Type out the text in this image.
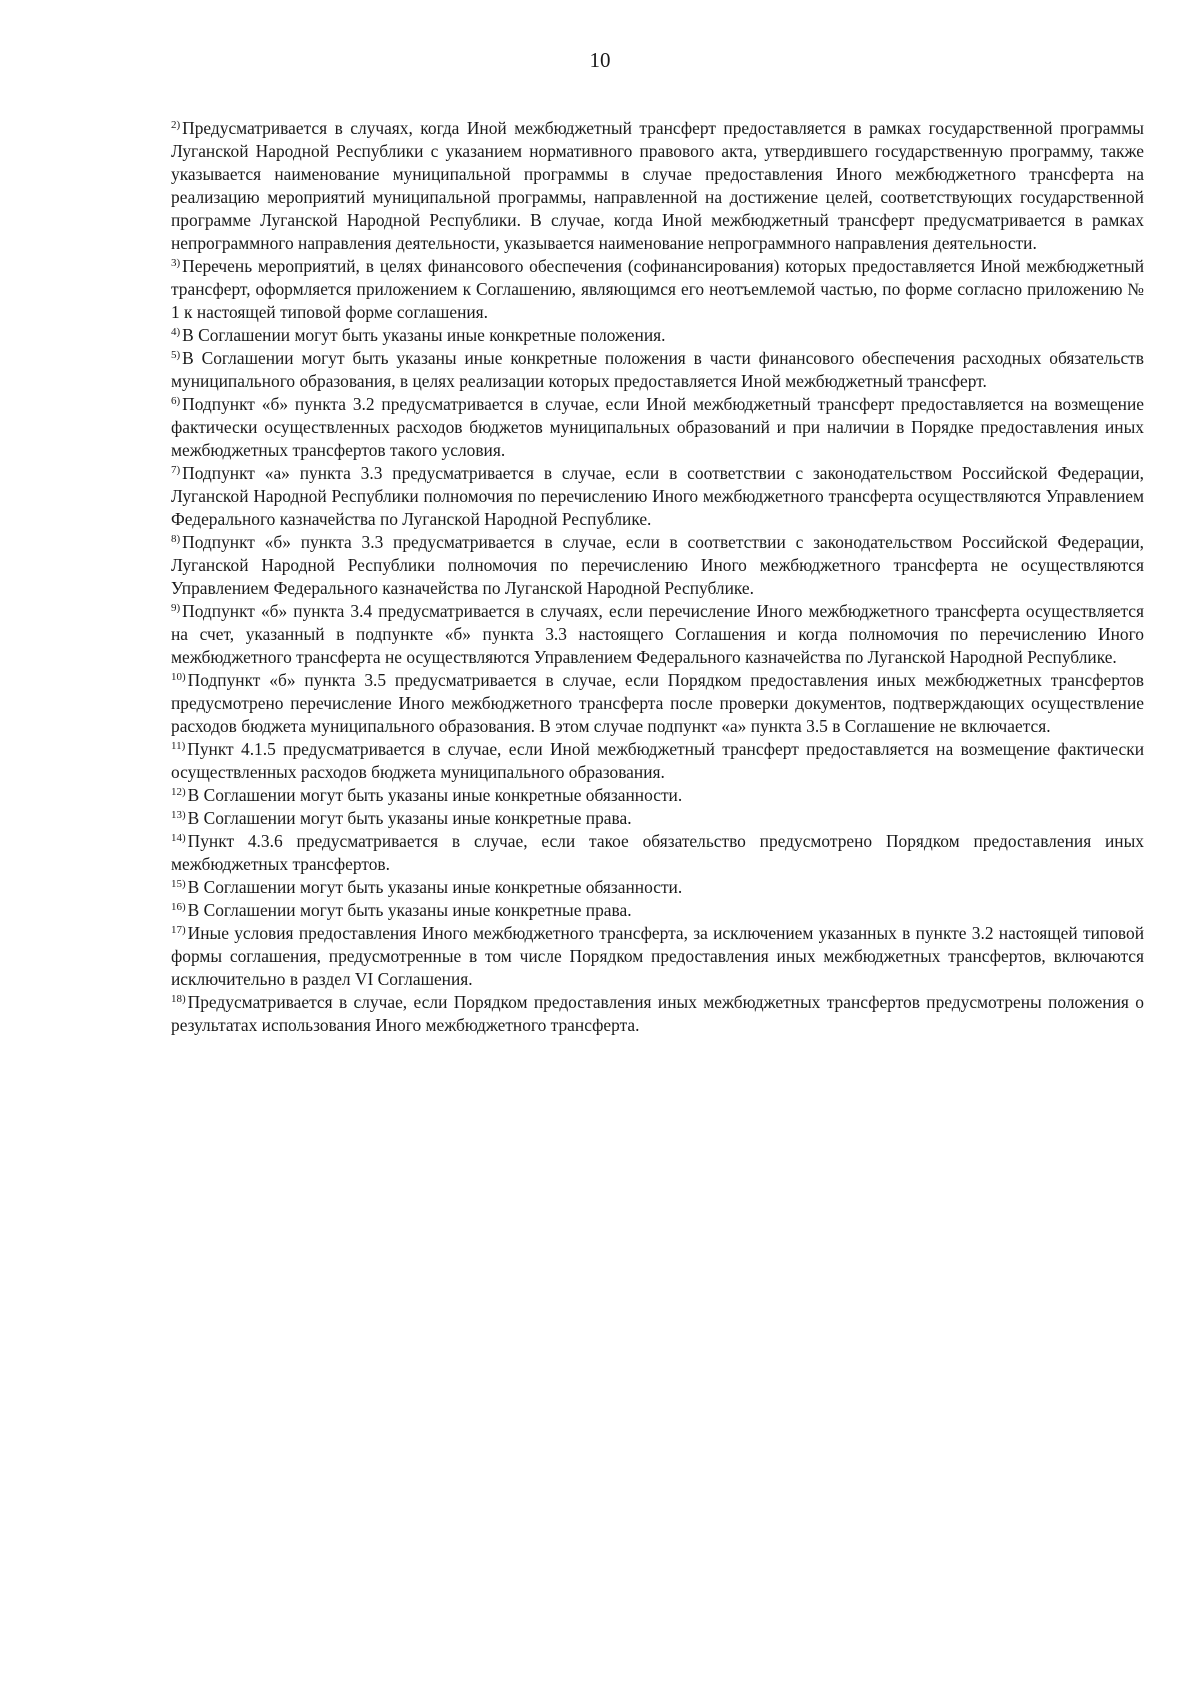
10

$^{2)}$ Предусматривается в случаях, когда Иной межбюджетный трансферт предоставляется в рамках государственной программы Луганской Народной Республики с указанием нормативного правового акта, утвердившего государственную программу, также указывается наименование муниципальной программы в случае предоставления Иного межбюджетного трансферта на реализацию мероприятий муниципальной программы, направленной на достижение целей, соответствующих государственной программе Луганской Народной Республики. В случае, когда Иной межбюджетный трансферт предусматривается в рамках непрограммного направления деятельности, указывается наименование непрограммного направления деятельности.

$^{3)}$ Перечень мероприятий, в целях финансового обеспечения (софинансирования) которых предоставляется Иной межбюджетный трансферт, оформляется приложением к Соглашению, являющимся его неотъемлемой частью, по форме согласно приложению № 1 к настоящей типовой форме соглашения.

$^{4)}$ В Соглашении могут быть указаны иные конкретные положения.

$^{5)}$ В Соглашении могут быть указаны иные конкретные положения в части финансового обеспечения расходных обязательств муниципального образования, в целях реализации которых предоставляется Иной межбюджетный трансферт.

$^{6)}$ Подпункт «б» пункта 3.2 предусматривается в случае, если Иной межбюджетный трансферт предоставляется на возмещение фактически осуществленных расходов бюджетов муниципальных образований и при наличии в Порядке предоставления иных межбюджетных трансфертов такого условия.

$^{7)}$ Подпункт «а» пункта 3.3 предусматривается в случае, если в соответствии с законодательством Российской Федерации, Луганской Народной Республики полномочия по перечислению Иного межбюджетного трансферта осуществляются Управлением Федерального казначейства по Луганской Народной Республике.

$^{8)}$ Подпункт «б» пункта 3.3 предусматривается в случае, если в соответствии с законодательством Российской Федерации, Луганской Народной Республики полномочия по перечислению Иного межбюджетного трансферта не осуществляются Управлением Федерального казначейства по Луганской Народной Республике.

$^{9)}$ Подпункт «б» пункта 3.4 предусматривается в случаях, если перечисление Иного межбюджетного трансферта осуществляется на счет, указанный в подпункте «б» пункта 3.3 настоящего Соглашения и когда полномочия по перечислению Иного межбюджетного трансферта не осуществляются Управлением Федерального казначейства по Луганской Народной Республике.

$^{10)}$ Подпункт «б» пункта 3.5 предусматривается в случае, если Порядком предоставления иных межбюджетных трансфертов предусмотрено перечисление Иного межбюджетного трансферта после проверки документов, подтверждающих осуществление расходов бюджета муниципального образования. В этом случае подпункт «а» пункта 3.5 в Соглашение не включается.

$^{11)}$ Пункт 4.1.5 предусматривается в случае, если Иной межбюджетный трансферт предоставляется на возмещение фактически осуществленных расходов бюджета муниципального образования.

$^{12)}$ В Соглашении могут быть указаны иные конкретные обязанности.

$^{13)}$ В Соглашении могут быть указаны иные конкретные права.

$^{14)}$ Пункт 4.3.6 предусматривается в случае, если такое обязательство предусмотрено Порядком предоставления иных межбюджетных трансфертов.

$^{15)}$ В Соглашении могут быть указаны иные конкретные обязанности.

$^{16)}$ В Соглашении могут быть указаны иные конкретные права.

$^{17)}$ Иные условия предоставления Иного межбюджетного трансферта, за исключением указанных в пункте 3.2 настоящей типовой формы соглашения, предусмотренные в том числе Порядком предоставления иных межбюджетных трансфертов, включаются исключительно в раздел VI Соглашения.

$^{18)}$ Предусматривается в случае, если Порядком предоставления иных межбюджетных трансфертов предусмотрены положения о результатах использования Иного межбюджетного трансферта.
